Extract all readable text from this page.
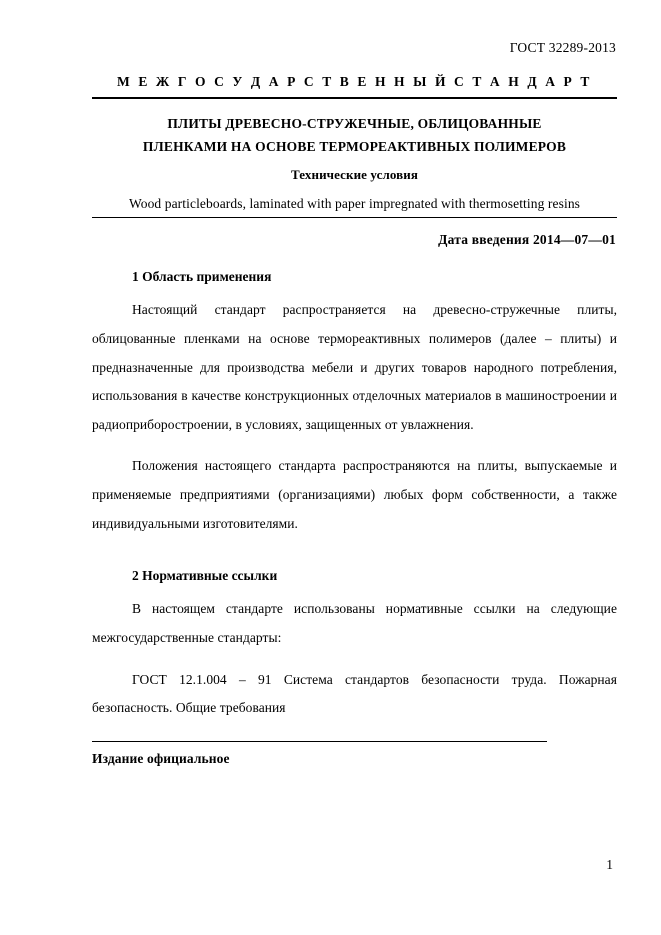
ГОСТ 32289-2013
М Е Ж Г О С У Д А Р С Т В Е Н Н Ы Й С Т А Н Д А Р Т
ПЛИТЫ ДРЕВЕСНО-СТРУЖЕЧНЫЕ, ОБЛИЦОВАННЫЕ
ПЛЕНКАМИ НА ОСНОВЕ ТЕРМОРЕАКТИВНЫХ ПОЛИМЕРОВ
Технические условия
Wood particleboards, laminated with paper impregnated with thermosetting resins
Дата введения 2014—07—01
1 Область применения

Настоящий стандарт распространяется на древесно-стружечные плиты, облицованные пленками на основе термореактивных полимеров (далее – плиты) и предназначенные для производства мебели и других товаров народного потребления, использования в качестве конструкционных отделочных материалов в машиностроении и радиоприборостроении, в условиях, защищенных от увлажнения.

Положения настоящего стандарта распространяются на плиты, выпускаемые и применяемые предприятиями (организациями) любых форм собственности, а также индивидуальными изготовителями.

2 Нормативные ссылки

В настоящем стандарте использованы нормативные ссылки на следующие межгосударственные стандарты:

ГОСТ 12.1.004 – 91 Система стандартов безопасности труда. Пожарная безопасность. Общие требования

Издание официальное
1
